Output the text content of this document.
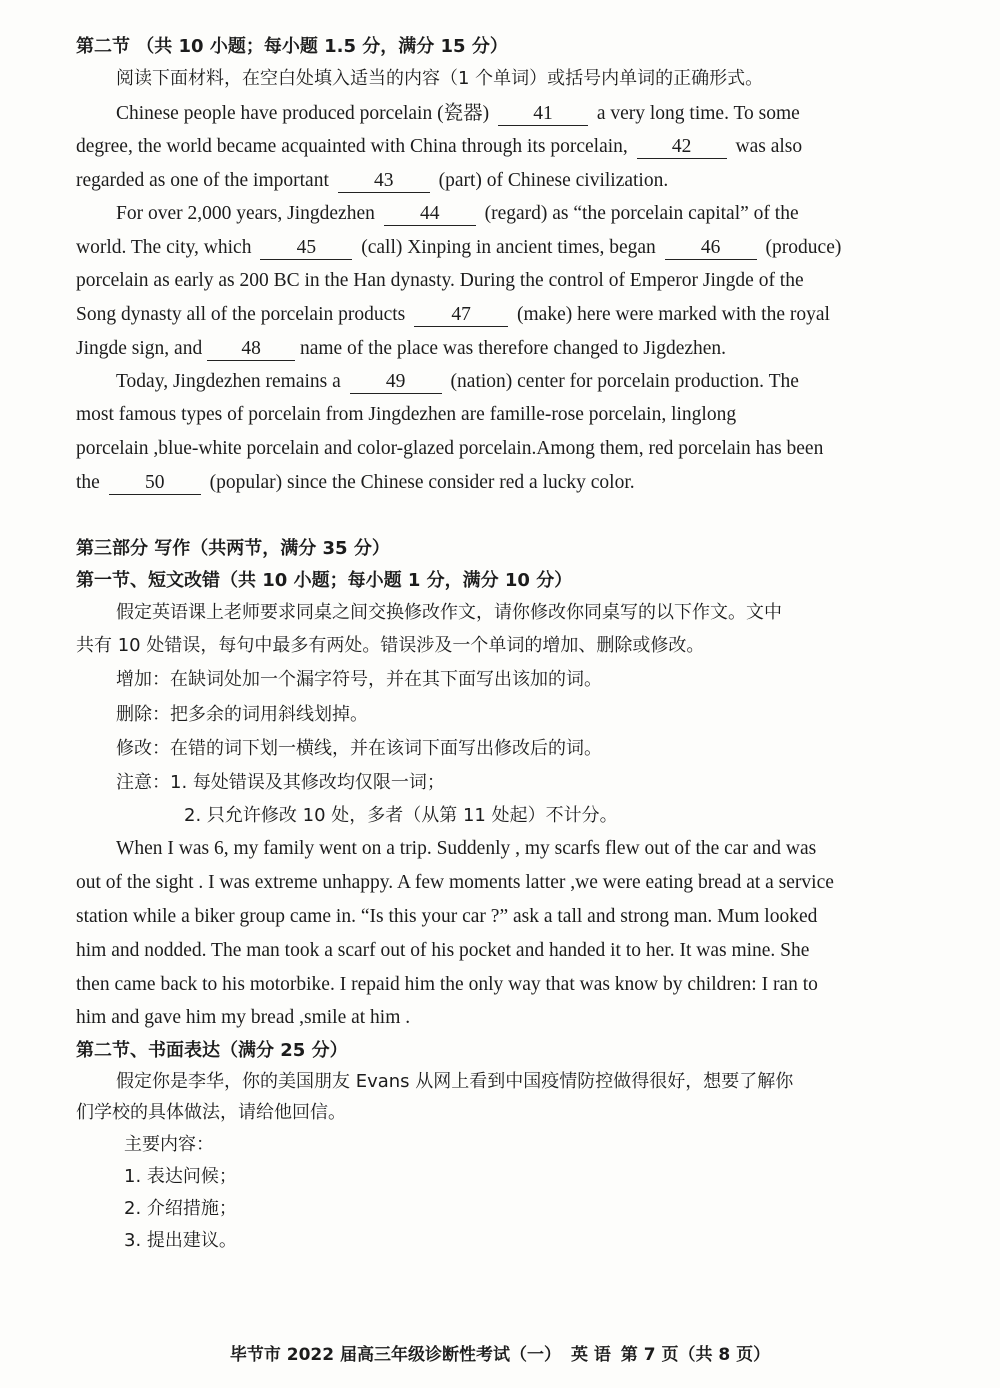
第二节 （共 10 小题；每小题 1.5 分，满分 15 分）
阅读下面材料，在空白处填入适当的内容（1 个单词）或括号内单词的正确形式。
Chinese people have produced porcelain (瓷器) 41 a very long time. To some
degree, the world became acquainted with China through its porcelain, 42 was also
regarded as one of the important 43 (part) of Chinese civilization.
For over 2,000 years, Jingdezhen 44 (regard) as “the porcelain capital” of the
world. The city, which 45 (call) Xinping in ancient times, began 46 (produce)
porcelain as early as 200 BC in the Han dynasty. During the control of Emperor Jingde of the
Song dynasty all of the porcelain products 47 (make) here were marked with the royal
Jingde sign, and 48 name of the place was therefore changed to Jigdezhen.
Today, Jingdezhen remains a 49 (nation) center for porcelain production. The
most famous types of porcelain from Jingdezhen are famille-rose porcelain, linglong
porcelain ,blue-white porcelain and color-glazed porcelain.Among them, red porcelain has been
the 50 (popular) since the Chinese consider red a lucky color.
第三部分 写作（共两节，满分 35 分）
第一节、短文改错（共 10 小题；每小题 1 分，满分 10 分）
假定英语课上老师要求同桌之间交换修改作文，请你修改你同桌写的以下作文。文中
共有 10 处错误，每句中最多有两处。错误涉及一个单词的增加、删除或修改。
增加：在缺词处加一个漏字符号，并在其下面写出该加的词。
删除：把多余的词用斜线划掉。
修改：在错的词下划一横线，并在该词下面写出修改后的词。
注意：1. 每处错误及其修改均仅限一词；
2. 只允许修改 10 处，多者（从第 11 处起）不计分。
When I was 6, my family went on a trip. Suddenly , my scarfs flew out of the car and was
out of the sight . I was extreme unhappy. A few moments latter ,we were eating bread at a service
station while a biker group came in. “Is this your car ?” ask a tall and strong man. Mum looked
him and nodded. The man took a scarf out of his pocket and handed it to her. It was mine. She
then came back to his motorbike. I repaid him the only way that was know by children: I ran to
him and gave him my bread ,smile at him .
第二节、书面表达（满分 25 分）
假定你是李华，你的美国朋友 Evans 从网上看到中国疫情防控做得很好，想要了解你
们学校的具体做法，请给他回信。
主要内容：
1. 表达问候；
2. 介绍措施；
3. 提出建议。
毕节市 2022 届高三年级诊断性考试（一） 英 语 第 7 页（共 8 页）
